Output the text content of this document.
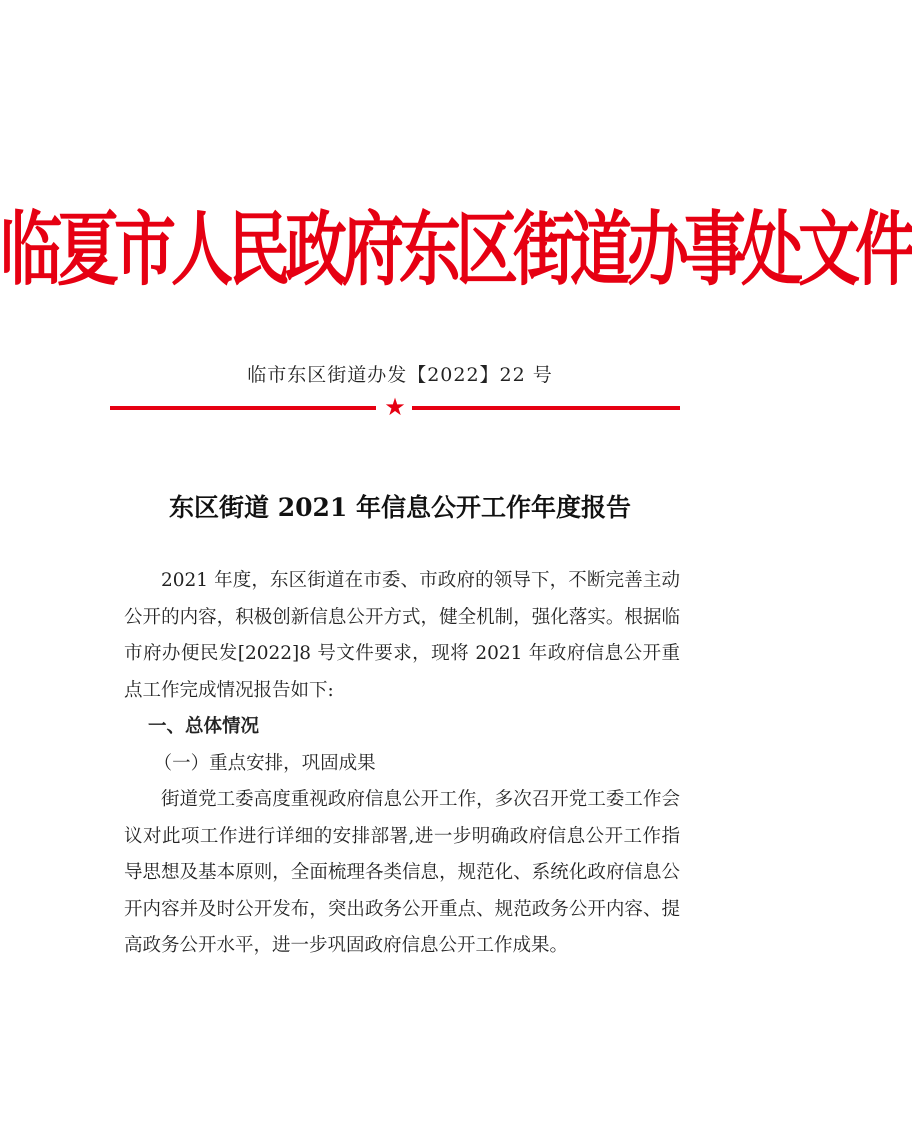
临夏市人民政府东区街道办事处文件
临市东区街道办发【2022】22 号
★
东区街道 2021 年信息公开工作年度报告

2021 年度，东区街道在市委、市政府的领导下，不断完善主动公开的内容，积极创新信息公开方式，健全机制，强化落实。根据临市府办便民发[2022]8 号文件要求，现将 2021 年政府信息公开重点工作完成情况报告如下:

一、总体情况

（一）重点安排，巩固成果

街道党工委高度重视政府信息公开工作，多次召开党工委工作会议对此项工作进行详细的安排部署,进一步明确政府信息公开工作指导思想及基本原则，全面梳理各类信息，规范化、系统化政府信息公开内容并及时公开发布，突出政务公开重点、规范政务公开内容、提高政务公开水平，进一步巩固政府信息公开工作成果。
